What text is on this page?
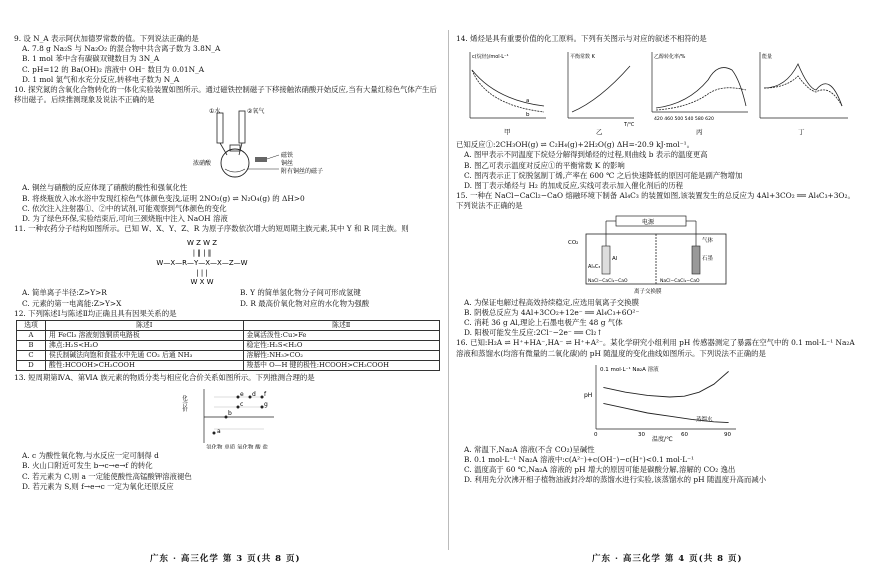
9. 设 N_A 表示阿伏加德罗常数的值。下列说法正确的是
A. 7.8 g Na₂S 与 Na₂O₂ 的混合物中共含离子数为 3.8N_A
B. 1 mol 苯中含有碳碳双键数目为 3N_A
C. pH=12 的 Ba(OH)₂ 溶液中 OH⁻ 数目为 0.01N_A
D. 1 mol 氯气和水充分反应,转移电子数为 N_A
10. 探究氮的含氧化合物转化的一体化实验装置如图所示。通过磁铁控制磁子下移接触浓硝酸开始反应,当有大量红棕色气体产生后移出磁子。后续推测现象及说法不正确的是
①水	②氧气
磁铁
浓硝酸	铜丝
附有铜丝的磁子
A. 铜丝与硝酸的反应体现了硝酸的酸性和强氧化性
B. 将烧瓶放入冰水浴中发现红棕色气体颜色变浅,证明 2NO₂(g) ⇌ N₂O₄(g) 的 ΔH>0
C. 依次注入注射器①、②中的试剂,可能观察到气体颜色的变化
D. 为了绿色环保,实验结束后,可向三颈烧瓶中注入 NaOH 溶液
11. 一种农药分子结构如图所示。已知 W、X、Y、Z、R 为原子序数依次增大的短周期主族元素,其中 Y 和 R 同主族。则
W Z W Z
| ‖ | ‖
W—X—R—Y—X—X—Z—W
| | |
W X W
A. 简单离子半径:Z>Y>R	B. Y 的简单氢化物分子间可形成氢键 C. 元素的第一电离能:Z>Y>X	D. R 最高价氧化物对应的水化物为强酸
12. 下列陈述Ⅰ与陈述Ⅱ均正确且具有因果关系的是
选项	陈述Ⅰ	陈述Ⅱ
A	用 FeCl₃ 溶液刻蚀铜质电路板	金属活泼性:Cu>Fe
B	沸点:H₂S<H₂O	稳定性:H₂S<H₂O
C	侯氏制碱法向饱和食盐水中先通 CO₂ 后通 NH₃	溶解性:NH₃>CO₂
D	酸性:HCOOH>CH₃COOH	羧基中 O—H 键的极性:HCOOH>CH₃COOH
13. 短周期第ⅣA、第ⅥA 族元素的物质分类与相应化合价关系如图所示。下列推测合理的是
a
b
c
d
e	f
g
化合价
氢化物 单质 氧化物 酸 盐
A. c 为酸性氧化物,与水反应一定可制得 d
B. 火山口附近可发生 b→c→e→f 的转化
C. 若元素为 C,则 a 一定能使酸性高锰酸钾溶液褪色
D. 若元素为 S,则 f→e→c 一定为氧化还原反应
14. 烯烃是具有重要价值的化工原料。下列有关图示与对应的叙述不相符的是
a
b
c(烷烃)/mol·L⁻¹
甲
平衡常数 K
T/℃
乙
乙醇转化率/%
420 460 500 540 580 620
丙
能量
丁
已知反应①:2CH₃OH(g) ⇌ C₂H₄(g)+2H₂O(g) ΔH=-20.9 kJ·mol⁻¹。
A. 图甲表示不同温度下烷烃分解得到烯烃的过程,则曲线 b 表示的温度更高
B. 图乙可表示温度对反应①的平衡常数 K 的影响
C. 图丙表示正丁烷脱氢制丁烯,产率在 600 ℃ 之后快速降低的原因可能是副产物增加
D. 图丁表示烯烃与 H₂ 的加成反应,实线可表示加入催化剂后的历程
15. 一种在 NaCl−CaCl₂−CaO 熔融环境下制备 Al₄C₃ 的装置如图,该装置发生的总反应为 4Al+3CO₂ ══ Al₄C₃+3O₂。下列说法不正确的是
电源
CO₂
Al	石墨
气体
Al₄C₃
NaCl−CaCl₂−CaO	NaCl−CaCl₂−CaO
离子交换膜
A. 为保证电解过程高效持续稳定,应选用氧离子交换膜
B. 阴极总反应为 4Al+3CO₂+12e⁻ ══ Al₄C₃+6O²⁻
C. 消耗 36 g Al,理论上石墨电极产生 48 g 气体
D. 阳极可能发生反应:2Cl⁻−2e⁻ ══ Cl₂↑
16. 已知:H₂A ⇌ H⁺+HA⁻,HA⁻ ⇌ H⁺+A²⁻。某化学研究小组利用 pH 传感器测定了暴露在空气中的 0.1 mol·L⁻¹ Na₂A 溶液和蒸馏水(均溶有微量的二氧化碳)的 pH 随温度的变化曲线如图所示。下列说法不正确的是
pH
温度/℃
0	30	60	90
0.1 mol·L⁻¹ Na₂A 溶液
蒸馏水
A. 常温下,Na₂A 溶液(不含 CO₂)呈碱性
B. 0.1 mol·L⁻¹ Na₂A 溶液中:c(A²⁻)+c(OH⁻)−c(H⁺)<0.1 mol·L⁻¹
C. 温度高于 60 ℃,Na₂A 溶液的 pH 增大的原因可能是碳酸分解,溶解的 CO₂ 逸出
D. 利用先分次沸开相子植物油液封冷却的蒸馏水进行实验,该蒸馏水的 pH 随温度升高而减小
广东 · 高三化学 第 3 页(共 8 页)	广东 · 高三化学 第 4 页(共 8 页)
